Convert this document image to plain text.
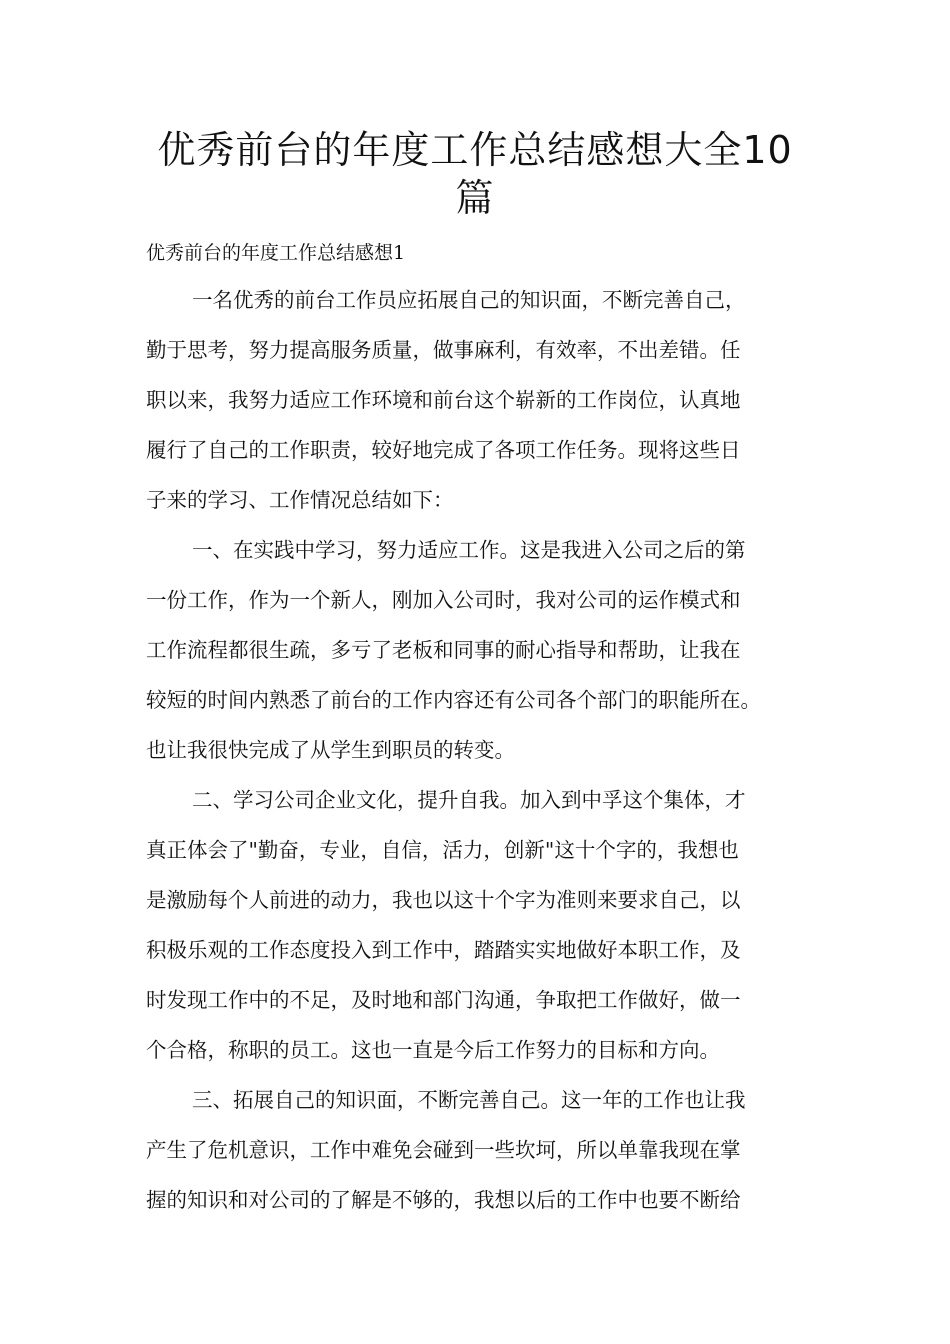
优秀前台的年度工作总结感想大全10
篇

优秀前台的年度工作总结感想1

一名优秀的前台工作员应拓展自己的知识面，不断完善自己，

勤于思考，努力提高服务质量，做事麻利，有效率，不出差错。任

职以来，我努力适应工作环境和前台这个崭新的工作岗位，认真地

履行了自己的工作职责，较好地完成了各项工作任务。现将这些日

子来的学习、工作情况总结如下：

一、在实践中学习，努力适应工作。这是我进入公司之后的第

一份工作，作为一个新人，刚加入公司时，我对公司的运作模式和

工作流程都很生疏，多亏了老板和同事的耐心指导和帮助，让我在

较短的时间内熟悉了前台的工作内容还有公司各个部门的职能所在。

也让我很快完成了从学生到职员的转变。

二、学习公司企业文化，提升自我。加入到中孚这个集体，才

真正体会了"勤奋，专业，自信，活力，创新"这十个字的，我想也

是激励每个人前进的动力，我也以这十个字为准则来要求自己，以

积极乐观的工作态度投入到工作中，踏踏实实地做好本职工作，及

时发现工作中的不足，及时地和部门沟通，争取把工作做好，做一

个合格，称职的员工。这也一直是今后工作努力的目标和方向。

三、拓展自己的知识面，不断完善自己。这一年的工作也让我

产生了危机意识，工作中难免会碰到一些坎坷，所以单靠我现在掌

握的知识和对公司的了解是不够的，我想以后的工作中也要不断给
